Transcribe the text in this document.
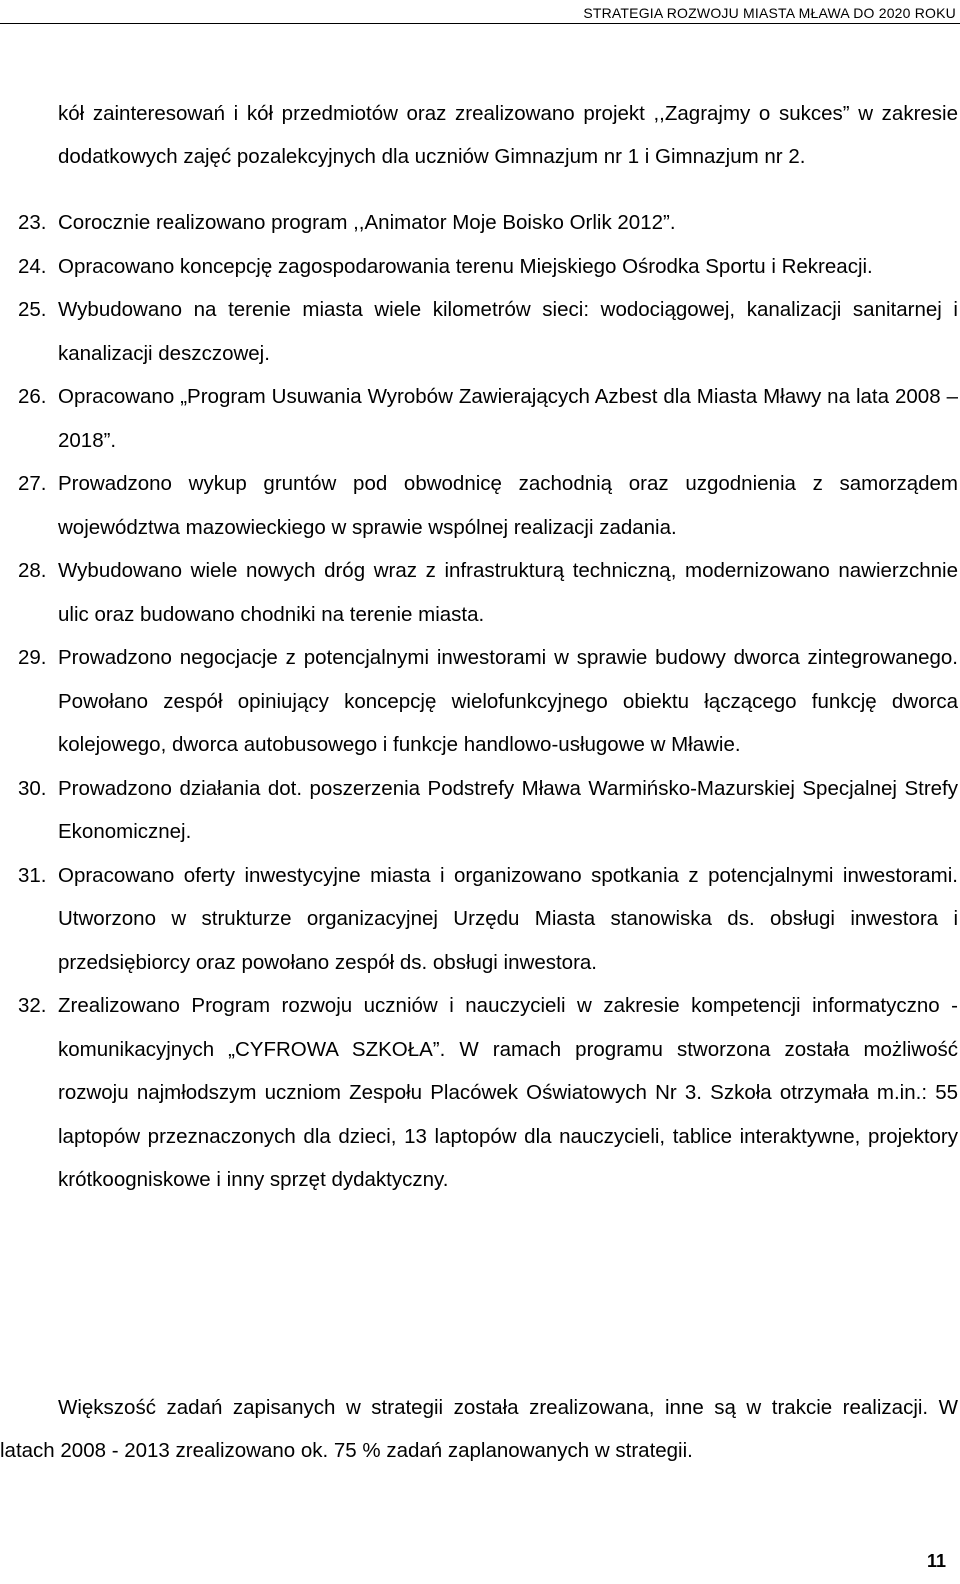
STRATEGIA ROZWOJU MIASTA MŁAWA DO 2020 ROKU

kół zainteresowań i kół przedmiotów oraz zrealizowano projekt ,,Zagrajmy o sukces” w zakresie dodatkowych zajęć pozalekcyjnych dla uczniów Gimnazjum nr 1 i Gimnazjum nr 2.

23. Corocznie realizowano program ,,Animator Moje Boisko Orlik 2012”.
24. Opracowano koncepcję zagospodarowania terenu Miejskiego Ośrodka Sportu i Rekreacji.
25. Wybudowano na terenie miasta wiele kilometrów sieci: wodociągowej, kanalizacji sanitarnej i kanalizacji deszczowej.
26. Opracowano „Program Usuwania Wyrobów Zawierających Azbest dla Miasta Mławy na lata 2008 – 2018”.
27. Prowadzono wykup gruntów pod obwodnicę zachodnią oraz uzgodnienia z samorządem województwa mazowieckiego w sprawie wspólnej realizacji zadania.
28. Wybudowano wiele nowych dróg wraz z infrastrukturą techniczną, modernizowano nawierzchnie ulic oraz budowano chodniki na terenie miasta.
29. Prowadzono negocjacje z potencjalnymi inwestorami w sprawie budowy dworca zintegrowanego. Powołano zespół opiniujący koncepcję wielofunkcyjnego obiektu łączącego funkcję dworca kolejowego, dworca autobusowego i funkcje handlowo-usługowe w Mławie.
30. Prowadzono działania dot. poszerzenia Podstrefy Mława Warmińsko-Mazurskiej Specjalnej Strefy Ekonomicznej.
31. Opracowano oferty inwestycyjne miasta i organizowano spotkania z potencjalnymi inwestorami. Utworzono w strukturze organizacyjnej Urzędu Miasta stanowiska ds. obsługi inwestora i przedsiębiorcy oraz powołano zespół ds. obsługi inwestora.
32. Zrealizowano Program rozwoju uczniów i nauczycieli w zakresie kompetencji informatyczno - komunikacyjnych „CYFROWA SZKOŁA”. W ramach programu stworzona została możliwość rozwoju najmłodszym uczniom Zespołu Placówek Oświatowych Nr 3. Szkoła otrzymała m.in.: 55 laptopów przeznaczonych dla dzieci, 13 laptopów dla nauczycieli, tablice interaktywne, projektory krótkoogniskowe i inny sprzęt dydaktyczny.

Większość zadań zapisanych w strategii została zrealizowana, inne są w trakcie realizacji. W latach 2008 - 2013 zrealizowano ok. 75 % zadań zaplanowanych w strategii.

11
